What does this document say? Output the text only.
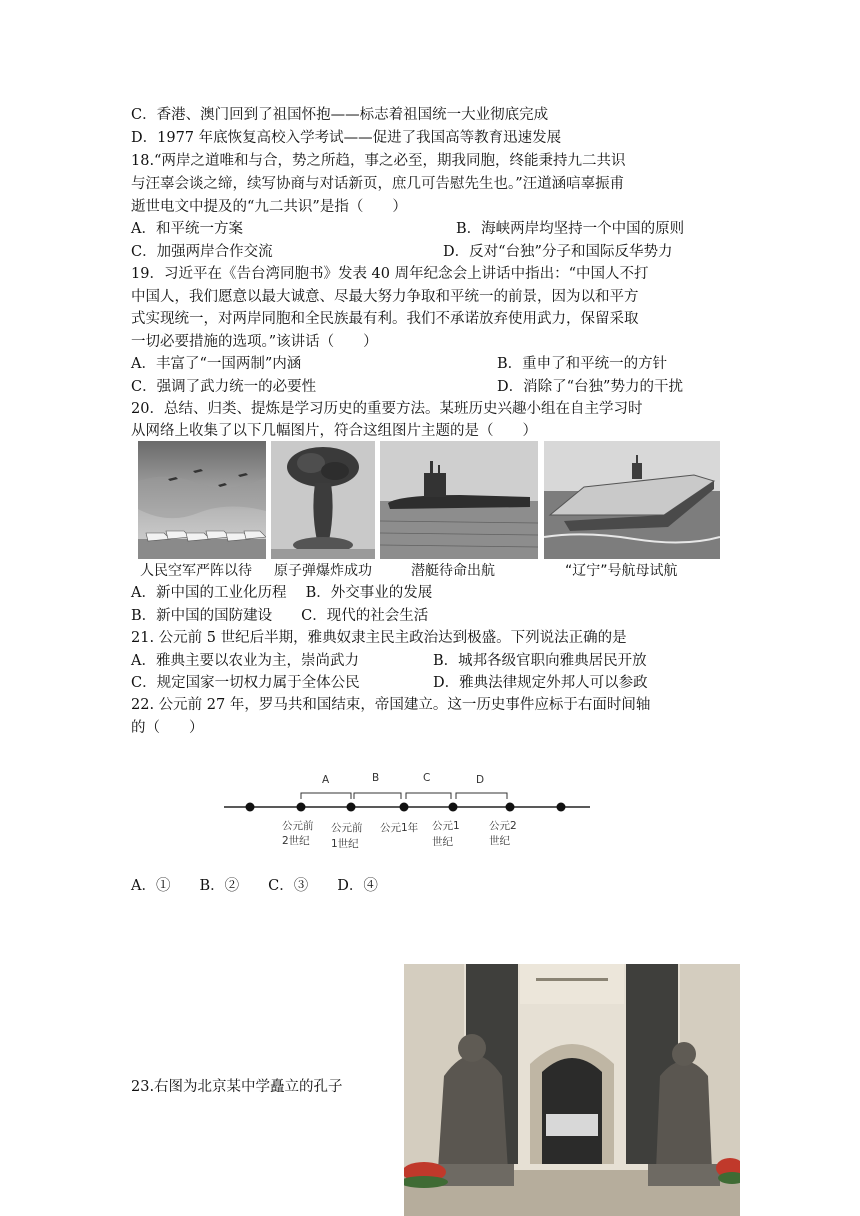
C．香港、澳门回到了祖国怀抱——标志着祖国统一大业彻底完成
D．1977 年底恢复高校入学考试——促进了我国高等教育迅速发展
18.“两岸之道唯和与合，势之所趋，事之必至，期我同胞，终能秉持九二共识
与汪辜会谈之缔，续写协商与对话新页，庶几可告慰先生也。”汪道涵唁辜振甫
逝世电文中提及的“九二共识”是指（　　）
A．和平统一方案	B．海峡两岸均坚持一个中国的原则
C．加强两岸合作交流	D．反对“台独”分子和国际反华势力
19．习近平在《告台湾同胞书》发表 40 周年纪念会上讲话中指出：“中国人不打
中国人，我们愿意以最大诚意、尽最大努力争取和平统一的前景，因为以和平方
式实现统一，对两岸同胞和全民族最有利。我们不承诺放弃使用武力，保留采取
一切必要措施的选项。”该讲话（　　）
A．丰富了“一国两制”内涵	B．重申了和平统一的方针
C．强调了武力统一的必要性	D．消除了“台独”势力的干扰
20．总结、归类、提炼是学习历史的重要方法。某班历史兴趣小组在自主学习时
从网络上收集了以下几幅图片，符合这组图片主题的是（　　）
人民空军严阵以待 原子弹爆炸成功	潜艇待命出航	“辽宁”号航母试航
A．新中国的工业化历程　 B．外交事业的发展
B．新中国的国防建设　　C．现代的社会生活
21. 公元前 5 世纪后半期，雅典奴隶主民主政治达到极盛。下列说法正确的是
A．雅典主要以农业为主，崇尚武力	B．城邦各级官职向雅典居民开放
C．规定国家一切权力属于全体公民	D．雅典法律规定外邦人可以参政
22. 公元前 27 年，罗马共和国结束，帝国建立。这一历史事件应标于右面时间轴
的（　　）
A	B	C	D
公元前
2世纪
公元前
1世纪
公元1年 公元1
世纪
公元2
世纪
A．①　　B．②　　C．③　　D．④
23.右图为北京某中学矗立的孔子
